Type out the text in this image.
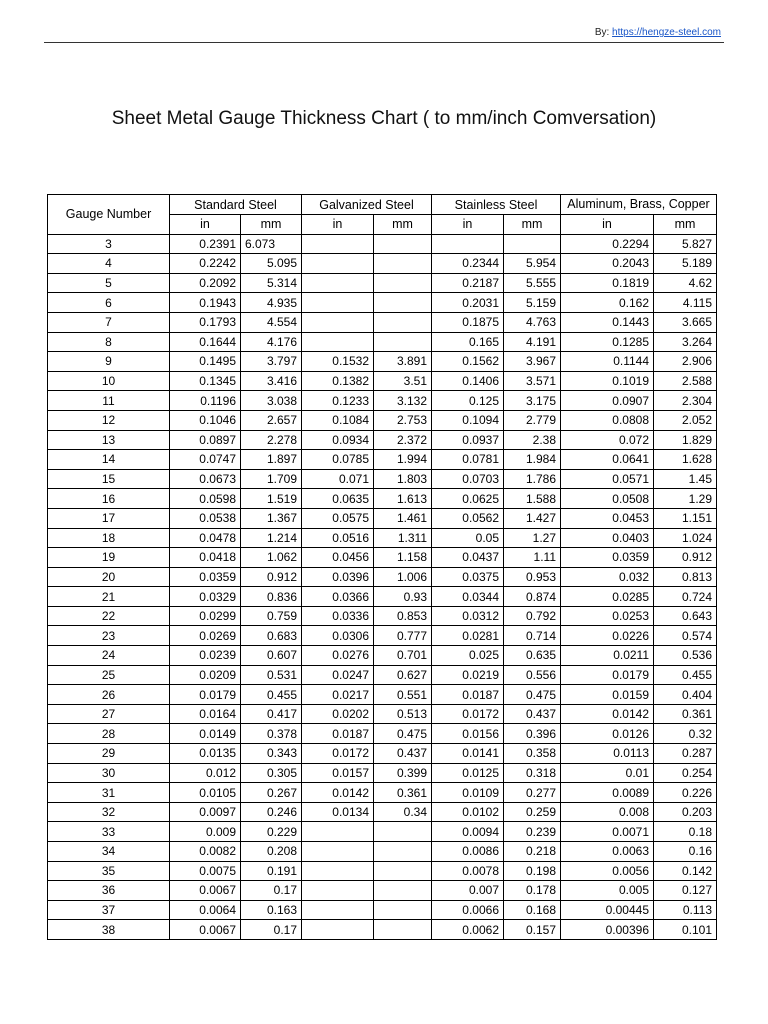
By: https://hengze-steel.com
Sheet Metal Gauge Thickness Chart ( to mm/inch Comversation)
Gauge Number	Standard Steel		Galvanized Steel		Stainless Steel		Aluminum, Brass, Copper	
	in	mm	in	mm	in	mm	in	mm
3	0.2391	6.073					0.2294	5.827
4	0.2242	5.095			0.2344	5.954	0.2043	5.189
5	0.2092	5.314			0.2187	5.555	0.1819	4.62
6	0.1943	4.935			0.2031	5.159	0.162	4.115
7	0.1793	4.554			0.1875	4.763	0.1443	3.665
8	0.1644	4.176			0.165	4.191	0.1285	3.264
9	0.1495	3.797	0.1532	3.891	0.1562	3.967	0.1144	2.906
10	0.1345	3.416	0.1382	3.51	0.1406	3.571	0.1019	2.588
11	0.1196	3.038	0.1233	3.132	0.125	3.175	0.0907	2.304
12	0.1046	2.657	0.1084	2.753	0.1094	2.779	0.0808	2.052
13	0.0897	2.278	0.0934	2.372	0.0937	2.38	0.072	1.829
14	0.0747	1.897	0.0785	1.994	0.0781	1.984	0.0641	1.628
15	0.0673	1.709	0.071	1.803	0.0703	1.786	0.0571	1.45
16	0.0598	1.519	0.0635	1.613	0.0625	1.588	0.0508	1.29
17	0.0538	1.367	0.0575	1.461	0.0562	1.427	0.0453	1.151
18	0.0478	1.214	0.0516	1.311	0.05	1.27	0.0403	1.024
19	0.0418	1.062	0.0456	1.158	0.0437	1.11	0.0359	0.912
20	0.0359	0.912	0.0396	1.006	0.0375	0.953	0.032	0.813
21	0.0329	0.836	0.0366	0.93	0.0344	0.874	0.0285	0.724
22	0.0299	0.759	0.0336	0.853	0.0312	0.792	0.0253	0.643
23	0.0269	0.683	0.0306	0.777	0.0281	0.714	0.0226	0.574
24	0.0239	0.607	0.0276	0.701	0.025	0.635	0.0211	0.536
25	0.0209	0.531	0.0247	0.627	0.0219	0.556	0.0179	0.455
26	0.0179	0.455	0.0217	0.551	0.0187	0.475	0.0159	0.404
27	0.0164	0.417	0.0202	0.513	0.0172	0.437	0.0142	0.361
28	0.0149	0.378	0.0187	0.475	0.0156	0.396	0.0126	0.32
29	0.0135	0.343	0.0172	0.437	0.0141	0.358	0.0113	0.287
30	0.012	0.305	0.0157	0.399	0.0125	0.318	0.01	0.254
31	0.0105	0.267	0.0142	0.361	0.0109	0.277	0.0089	0.226
32	0.0097	0.246	0.0134	0.34	0.0102	0.259	0.008	0.203
33	0.009	0.229			0.0094	0.239	0.0071	0.18
34	0.0082	0.208			0.0086	0.218	0.0063	0.16
35	0.0075	0.191			0.0078	0.198	0.0056	0.142
36	0.0067	0.17			0.007	0.178	0.005	0.127
37	0.0064	0.163			0.0066	0.168	0.00445	0.113
38	0.0067	0.17			0.0062	0.157	0.00396	0.101
